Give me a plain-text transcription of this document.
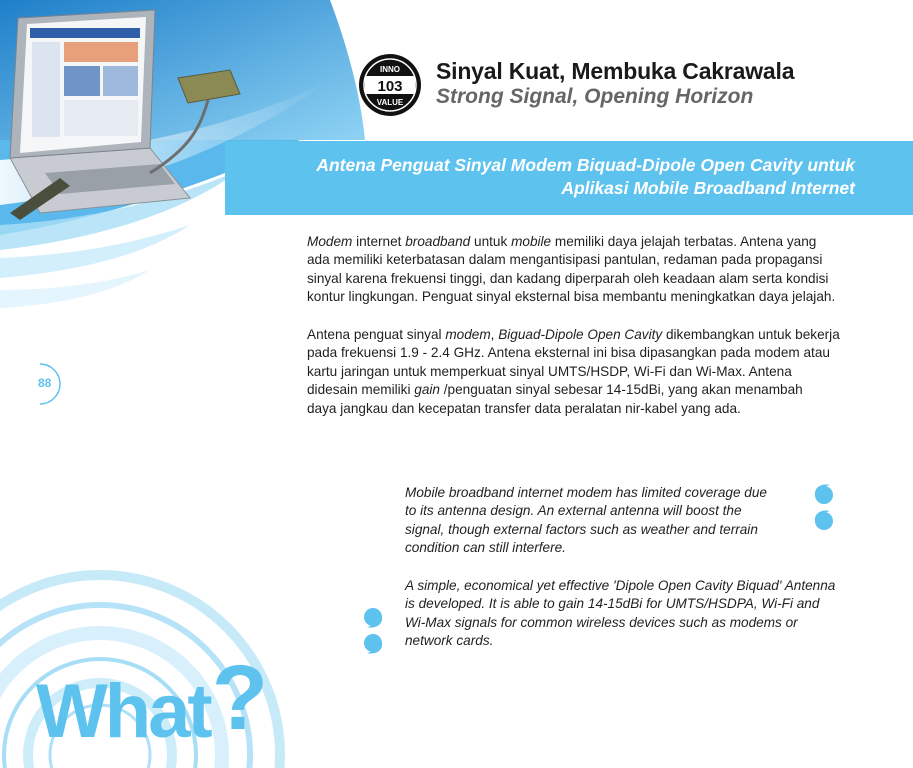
INNO
103
VALUE
Sinyal Kuat, Membuka Cakrawala
Strong Signal, Opening Horizon
Antena Penguat Sinyal Modem Biquad-Dipole Open Cavity untuk
Aplikasi Mobile Broadband Internet
Modem internet broadband untuk mobile memiliki daya jelajah terbatas. Antena yang
ada memiliki keterbatasan dalam mengantisipasi pantulan, redaman pada propagansi
sinyal karena frekuensi tinggi, dan kadang diperparah oleh keadaan alam serta kondisi
kontur lingkungan. Penguat sinyal eksternal bisa membantu meningkatkan daya jelajah.
Antena penguat sinyal modem, Biguad-Dipole Open Cavity dikembangkan untuk bekerja
pada frekuensi 1.9 - 2.4 GHz. Antena eksternal ini bisa dipasangkan pada modem atau
kartu jaringan untuk memperkuat sinyal UMTS/HSDP, Wi-Fi dan Wi-Max. Antena
didesain memiliki gain /penguatan sinyal sebesar 14-15dBi, yang akan menambah
daya jangkau dan kecepatan transfer data peralatan nir-kabel yang ada.
88
Mobile broadband internet modem has limited coverage due
to its antenna design. An external antenna will boost the
signal, though external factors such as weather and terrain
condition can still interfere.
A simple, economical yet effective 'Dipole Open Cavity Biquad' Antenna
is developed. It is able to gain 14-15dBi for UMTS/HSDPA, Wi-Fi and
Wi-Max signals for common wireless devices such as modems or
network cards.
What?
